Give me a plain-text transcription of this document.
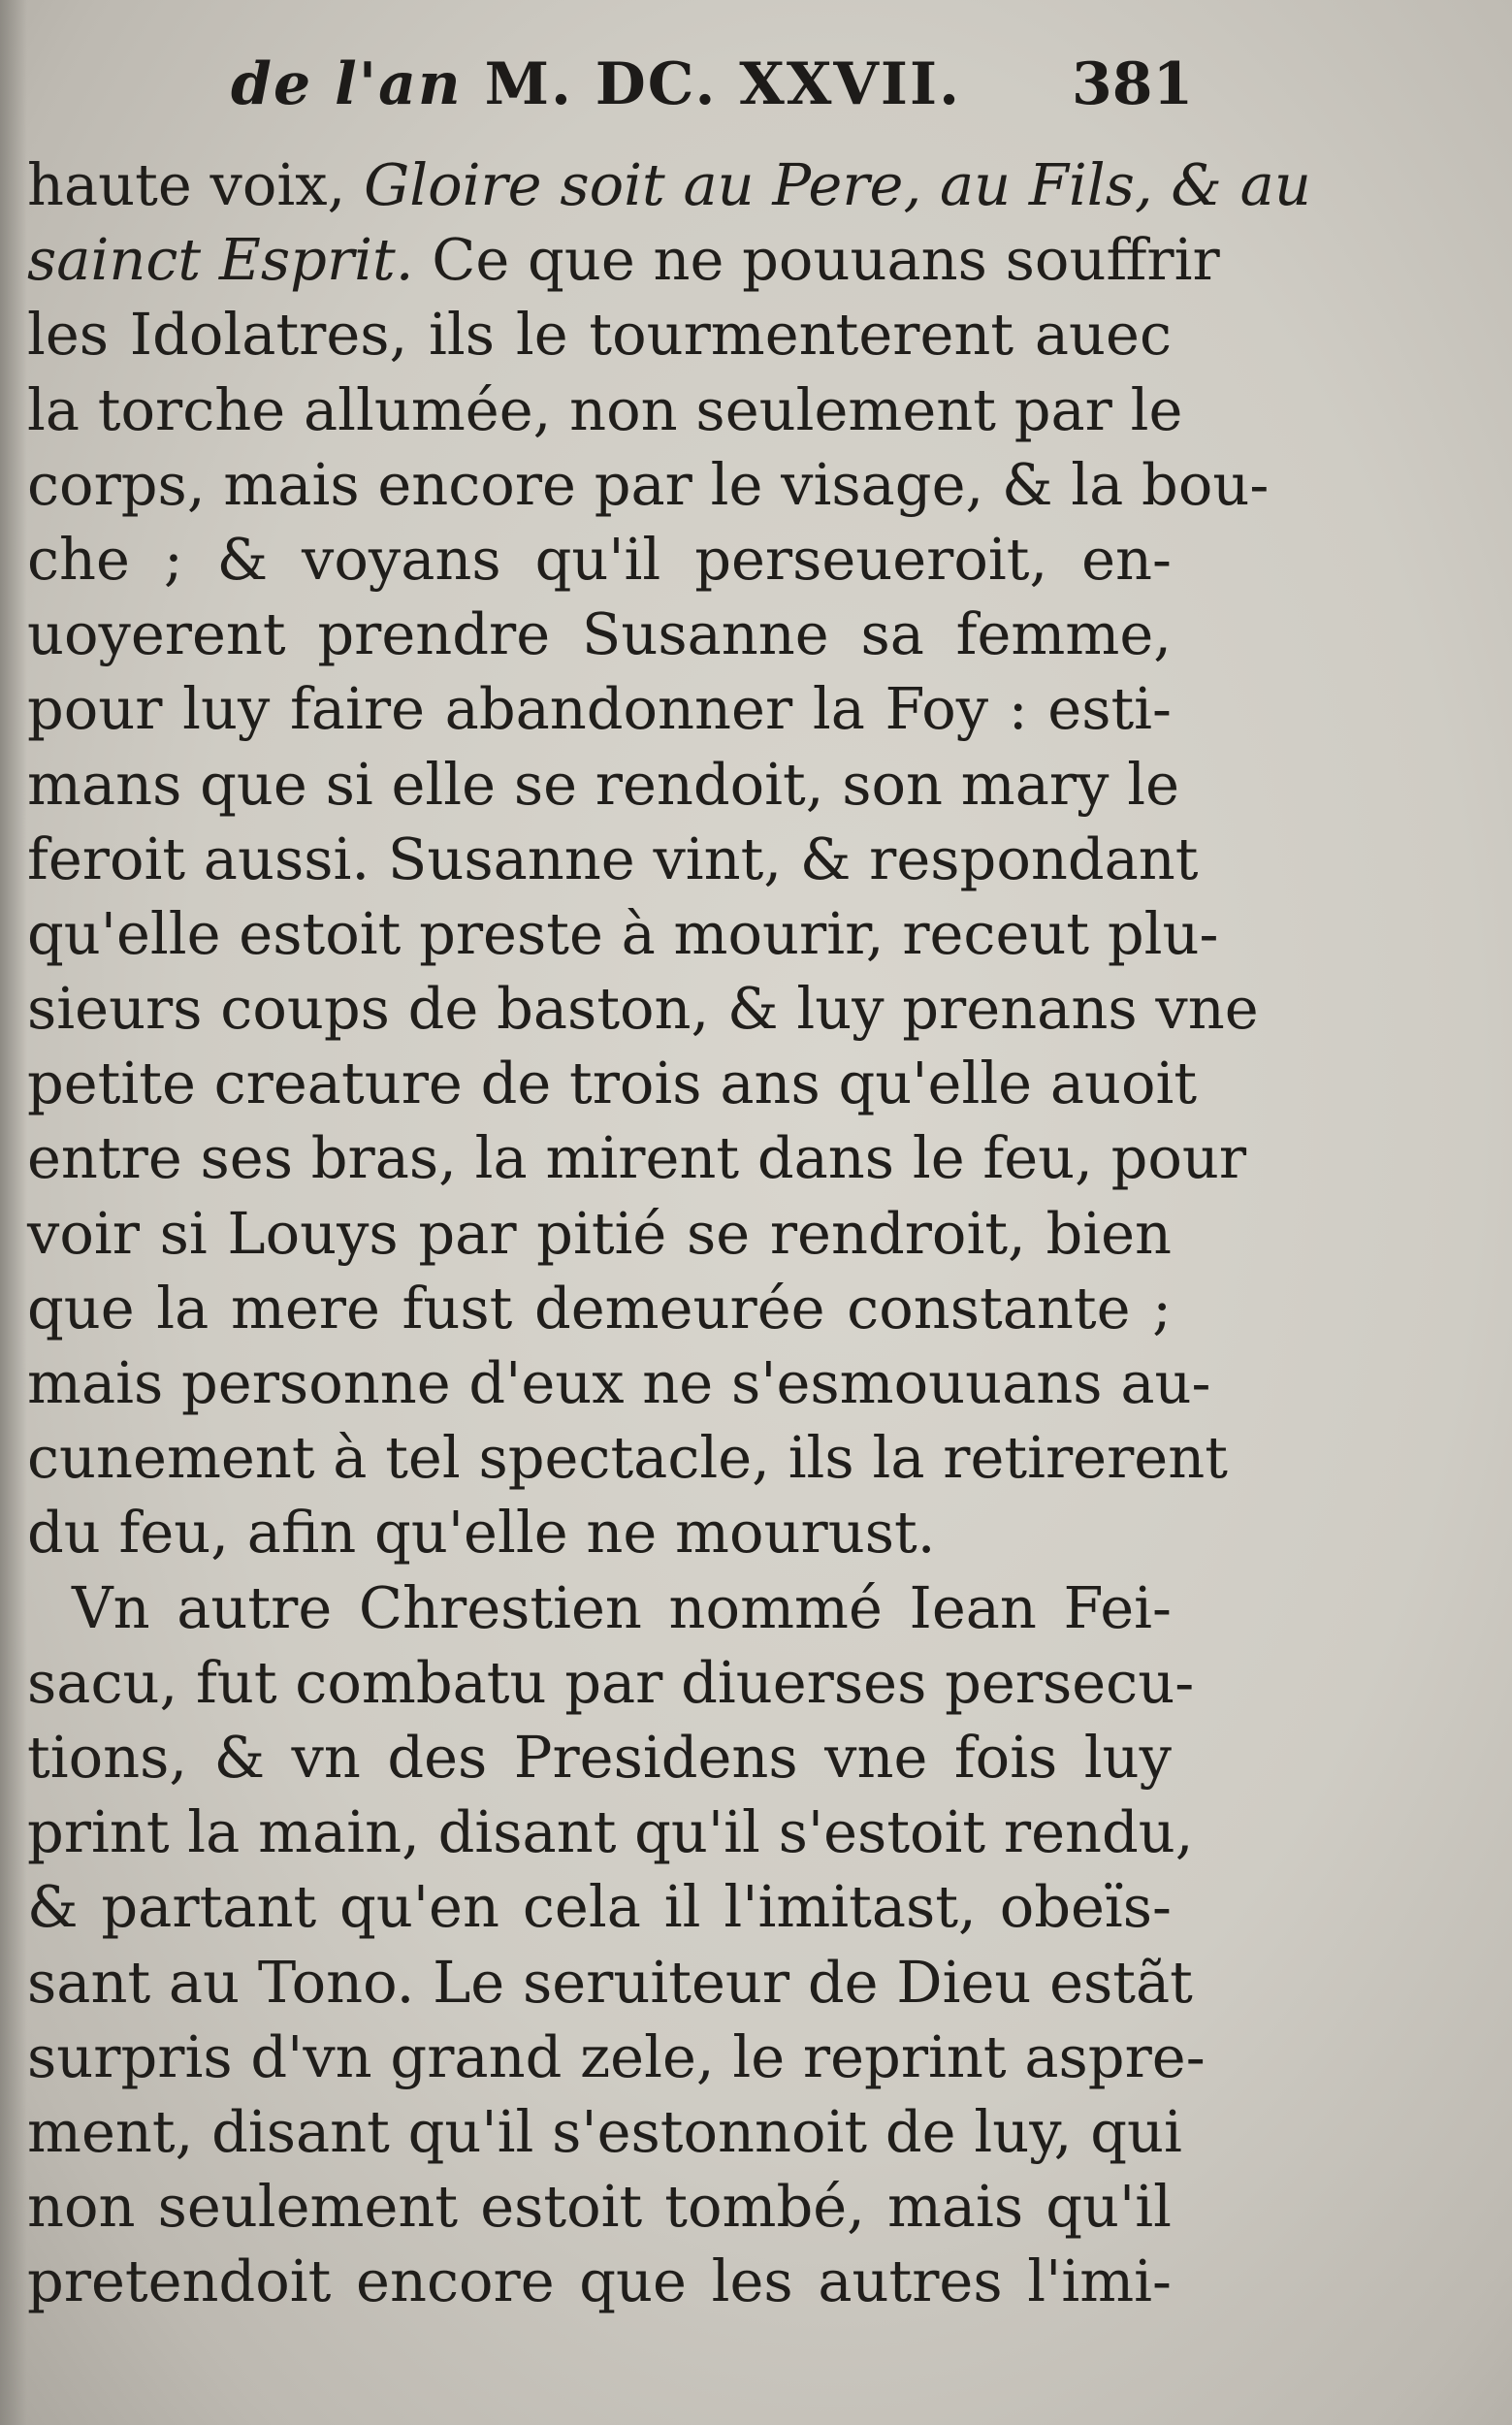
de l'an M. DC. XXVII. 381
haute voix, Gloire soit au Pere, au Fils, & au
sainct Esprit. Ce que ne pouuans souffrir
les Idolatres, ils le tourmenterent auec
la torche allumée, non seulement par le
corps, mais encore par le visage, & la bou-
che ; & voyans qu'il perseueroit, en-
uoyerent prendre Susanne sa femme,
pour luy faire abandonner la Foy : esti-
mans que si elle se rendoit, son mary le
feroit aussi. Susanne vint, & respondant
qu'elle estoit preste à mourir, receut plu-
sieurs coups de baston, & luy prenans vne
petite creature de trois ans qu'elle auoit
entre ses bras, la mirent dans le feu, pour
voir si Louys par pitié se rendroit, bien
que la mere fust demeurée constante ;
mais personne d'eux ne s'esmouuans au-
cunement à tel spectacle, ils la retirerent
du feu, afin qu'elle ne mourust.
Vn autre Chrestien nommé Iean Fei-
sacu, fut combatu par diuerses persecu-
tions, & vn des Presidens vne fois luy
print la main, disant qu'il s'estoit rendu,
& partant qu'en cela il l'imitast, obeïs-
sant au Tono. Le seruiteur de Dieu estãt
surpris d'vn grand zele, le reprint aspre-
ment, disant qu'il s'estonnoit de luy, qui
non seulement estoit tombé, mais qu'il
pretendoit encore que les autres l'imi-
